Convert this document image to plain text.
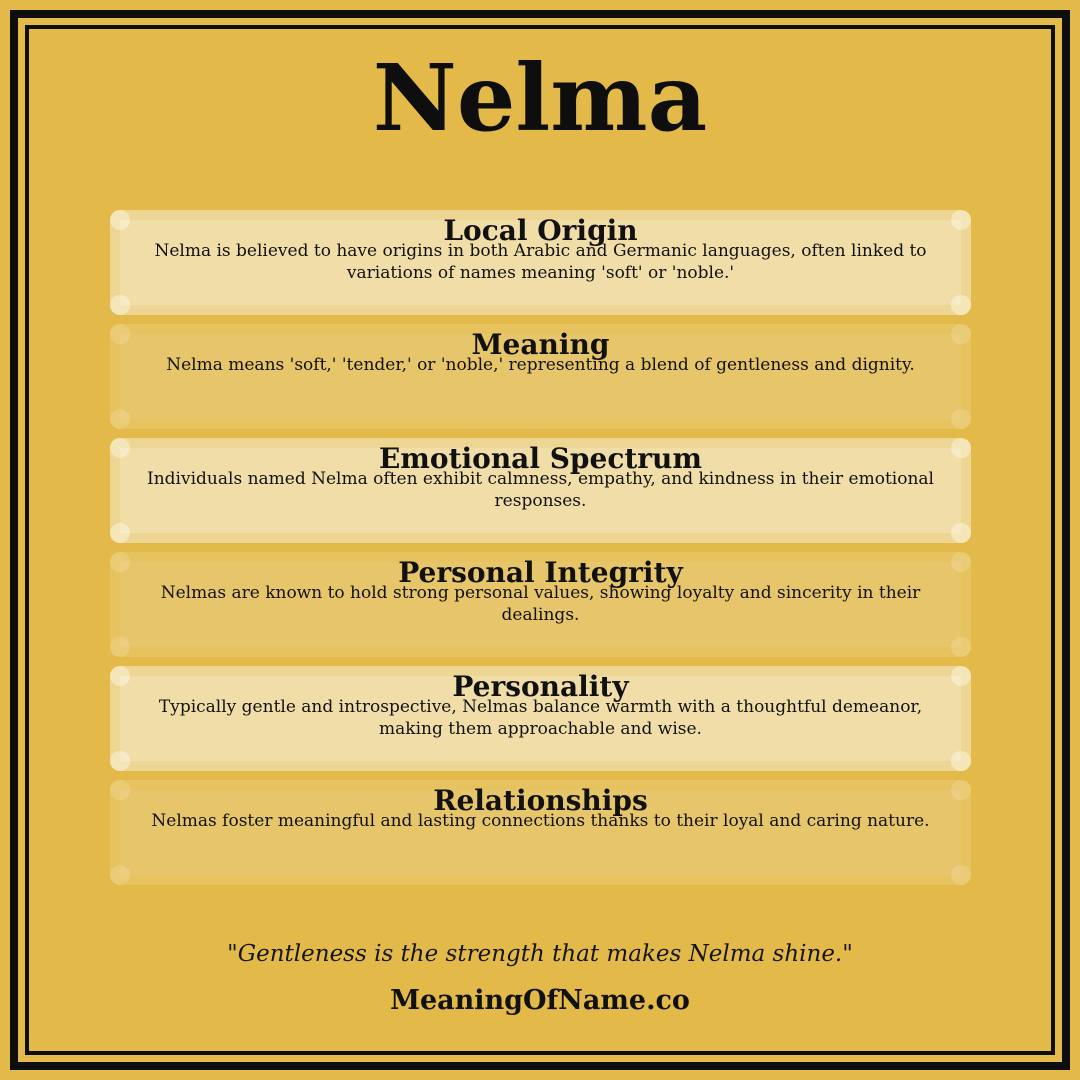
Nelma
Local Origin
Nelma is believed to have origins in both Arabic and Germanic languages, often linked to variations of names meaning 'soft' or 'noble.'
Meaning
Nelma means 'soft,' 'tender,' or 'noble,' representing a blend of gentleness and dignity.
Emotional Spectrum
Individuals named Nelma often exhibit calmness, empathy, and kindness in their emotional responses.
Personal Integrity
Nelmas are known to hold strong personal values, showing loyalty and sincerity in their dealings.
Personality
Typically gentle and introspective, Nelmas balance warmth with a thoughtful demeanor, making them approachable and wise.
Relationships
Nelmas foster meaningful and lasting connections thanks to their loyal and caring nature.
"Gentleness is the strength that makes Nelma shine."
MeaningOfName.co
